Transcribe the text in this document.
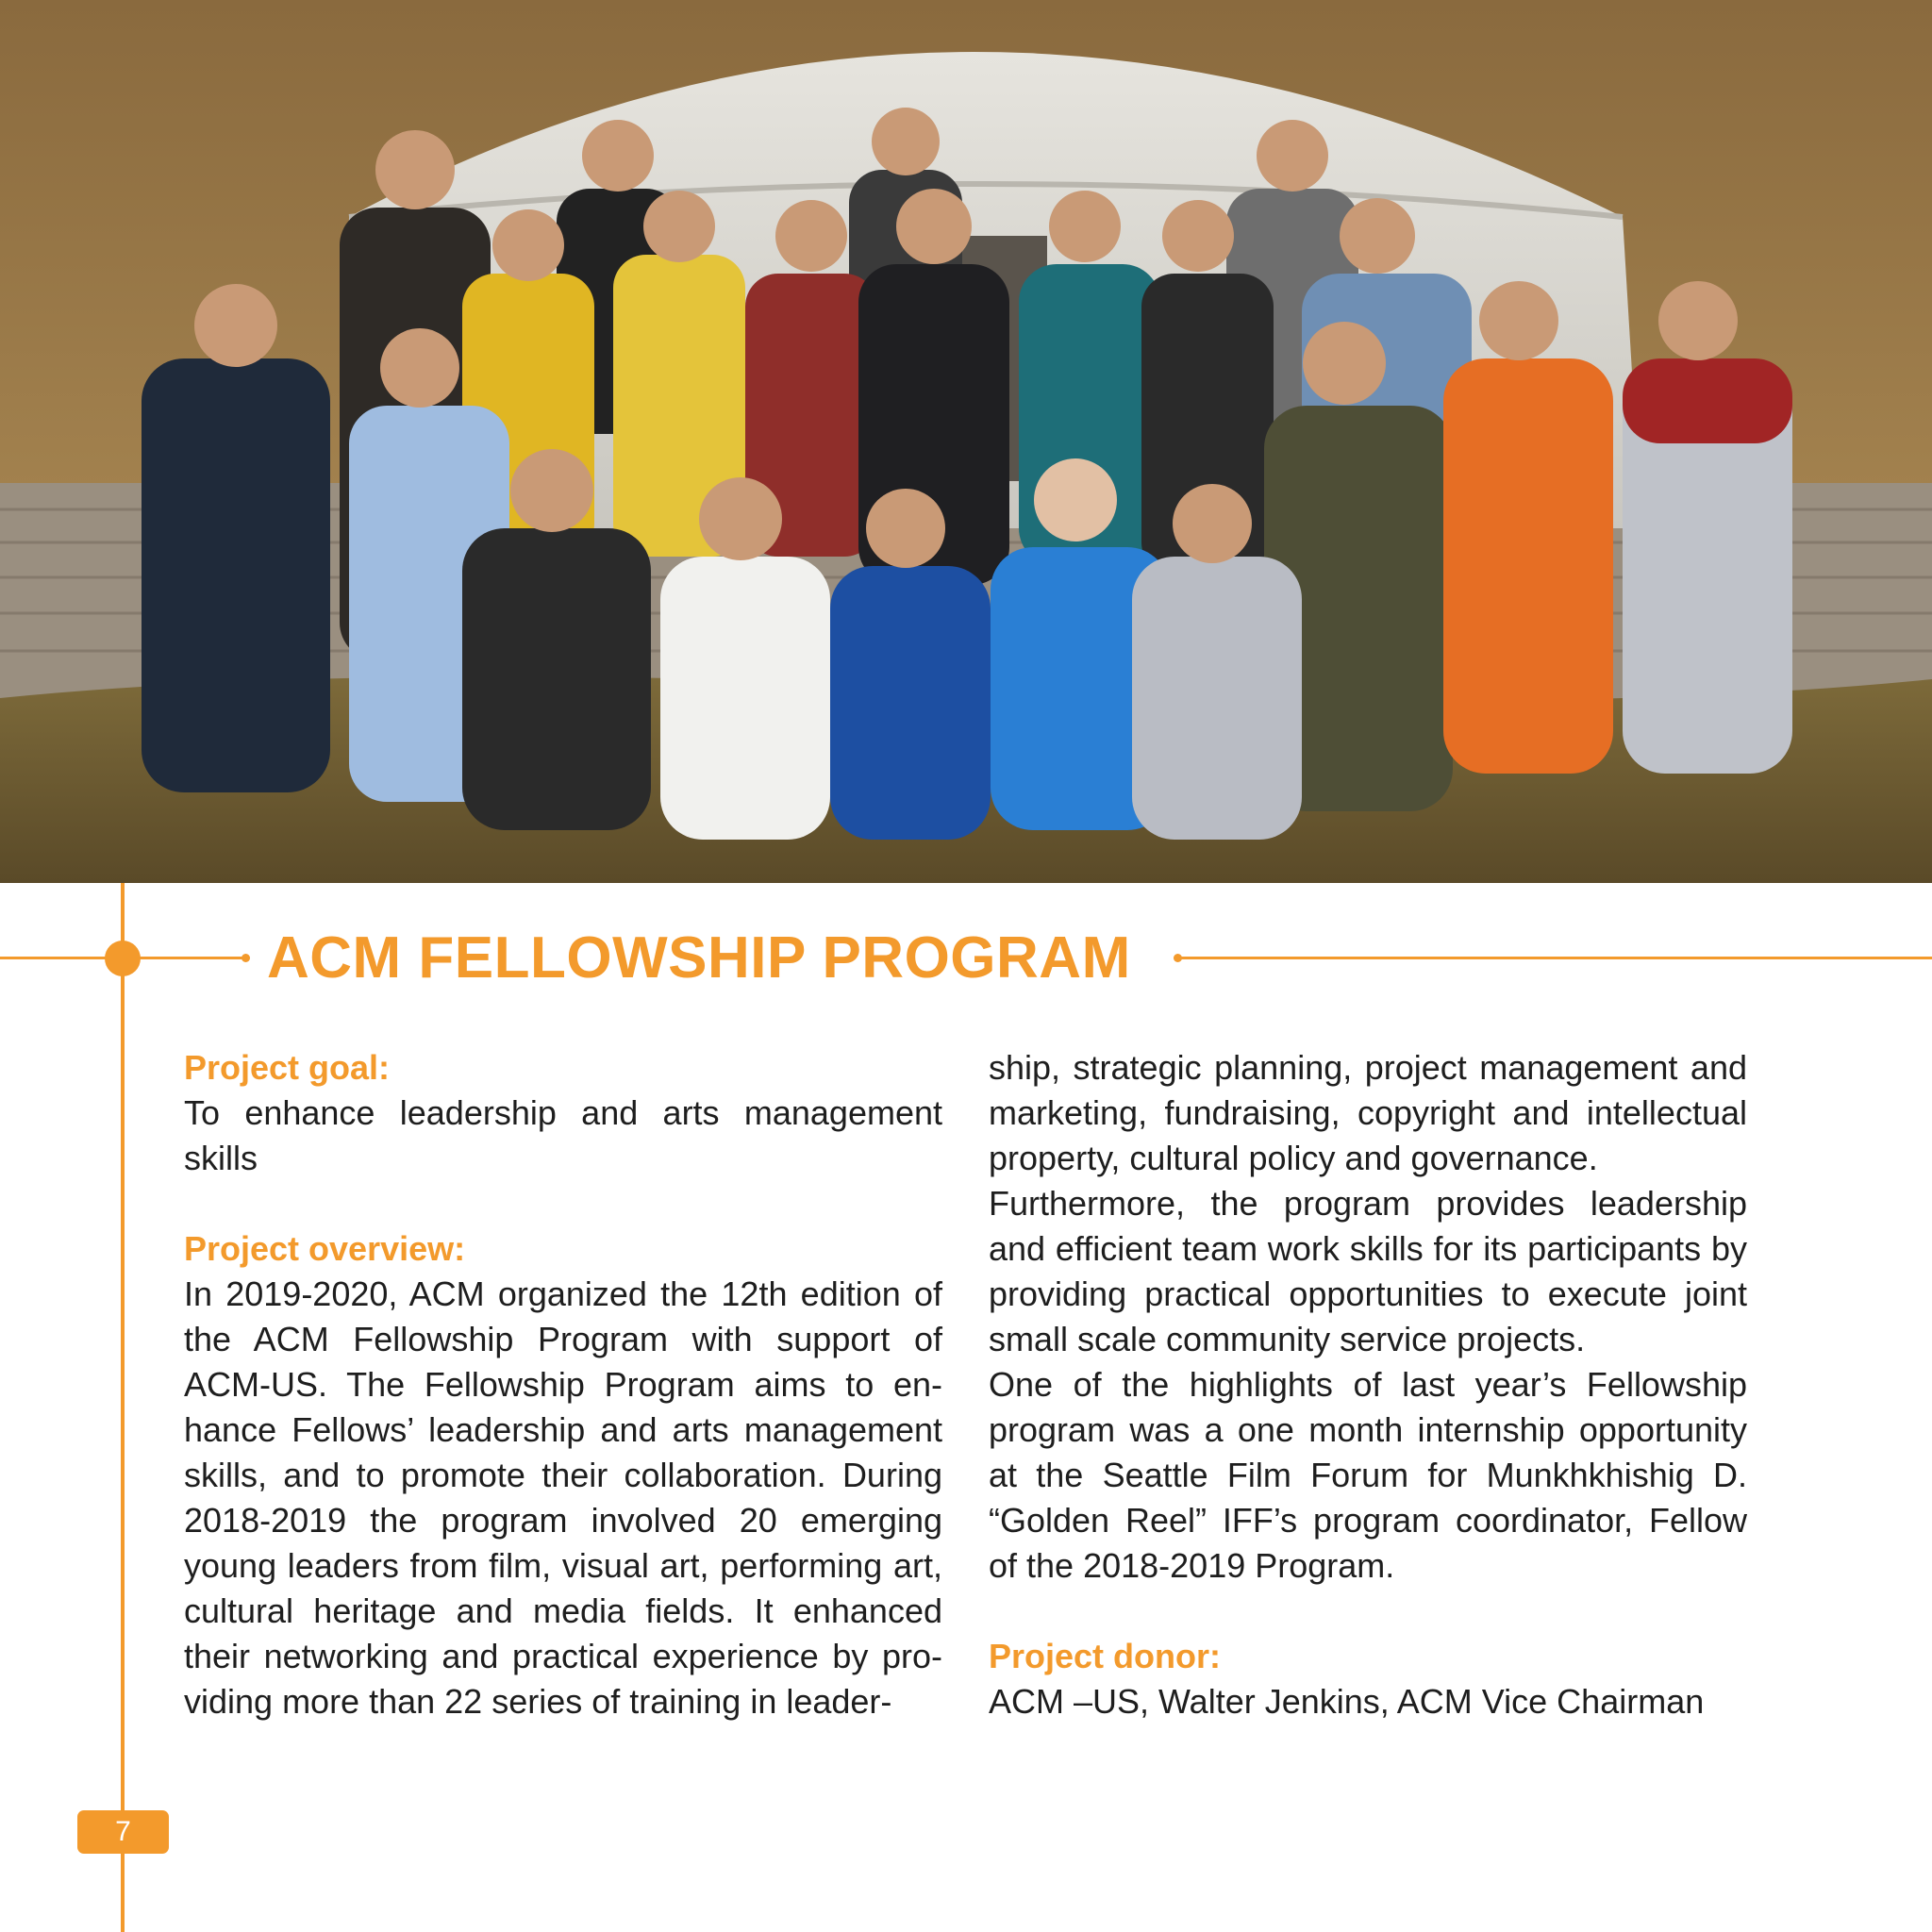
ACM FELLOWSHIP PROGRAM
Project goal:
To enhance leadership and arts management skills
Project overview:
In 2019-2020, ACM organized the 12th edition of the ACM Fellowship Program with support of ACM-US. The Fellowship Program aims to enhance Fellows’ leadership and arts management skills, and to promote their collaboration. During 2018-2019 the program involved 20 emerging young leaders from film, visual art, performing art, cultural heritage and media fields. It enhanced their networking and practical experience by providing more than 22 series of training in leader-
ship, strategic planning, project management and marketing, fundraising, copyright and intellectual property, cultural policy and governance.
Furthermore, the program provides leadership and efficient team work skills for its participants by providing practical opportunities to execute joint small scale community service projects.
One of the highlights of last year’s Fellowship program was a one month internship opportunity at the Seattle Film Forum for Munkhkhishig D. “Golden Reel” IFF’s program coordinator, Fellow of the 2018-2019 Program.
Project donor:
ACM –US, Walter Jenkins, ACM Vice Chairman
7
